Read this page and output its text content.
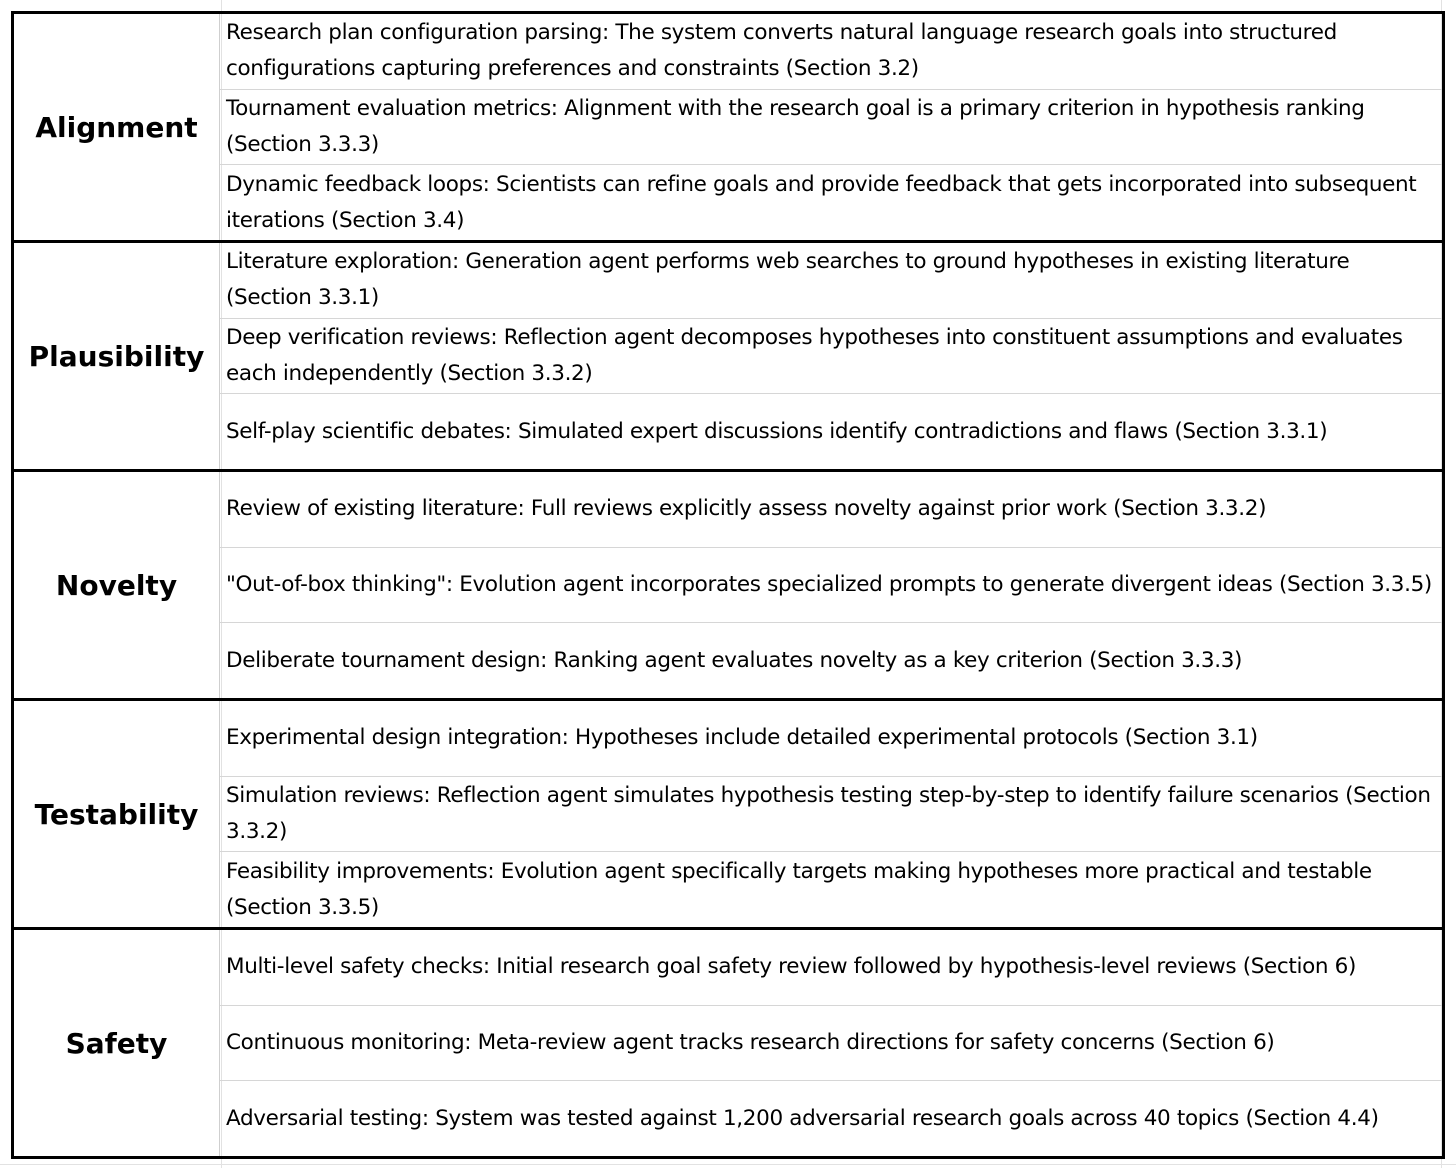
Alignment
Research plan configuration parsing: The system converts natural language research goals into structured configurations capturing preferences and constraints (Section 3.2)
Tournament evaluation metrics: Alignment with the research goal is a primary criterion in hypothesis ranking (Section 3.3.3)
Dynamic feedback loops: Scientists can refine goals and provide feedback that gets incorporated into subsequent iterations (Section 3.4)
Plausibility
Literature exploration: Generation agent performs web searches to ground hypotheses in existing literature (Section 3.3.1)
Deep verification reviews: Reflection agent decomposes hypotheses into constituent assumptions and evaluates each independently (Section 3.3.2)
Self-play scientific debates: Simulated expert discussions identify contradictions and flaws (Section 3.3.1)
Novelty
Review of existing literature: Full reviews explicitly assess novelty against prior work (Section 3.3.2)
"Out-of-box thinking": Evolution agent incorporates specialized prompts to generate divergent ideas (Section 3.3.5)
Deliberate tournament design: Ranking agent evaluates novelty as a key criterion (Section 3.3.3)
Testability
Experimental design integration: Hypotheses include detailed experimental protocols (Section 3.1)
Simulation reviews: Reflection agent simulates hypothesis testing step-by-step to identify failure scenarios (Section 3.3.2)
Feasibility improvements: Evolution agent specifically targets making hypotheses more practical and testable (Section 3.3.5)
Safety
Multi-level safety checks: Initial research goal safety review followed by hypothesis-level reviews (Section 6)
Continuous monitoring: Meta-review agent tracks research directions for safety concerns (Section 6)
Adversarial testing: System was tested against 1,200 adversarial research goals across 40 topics (Section 4.4)
